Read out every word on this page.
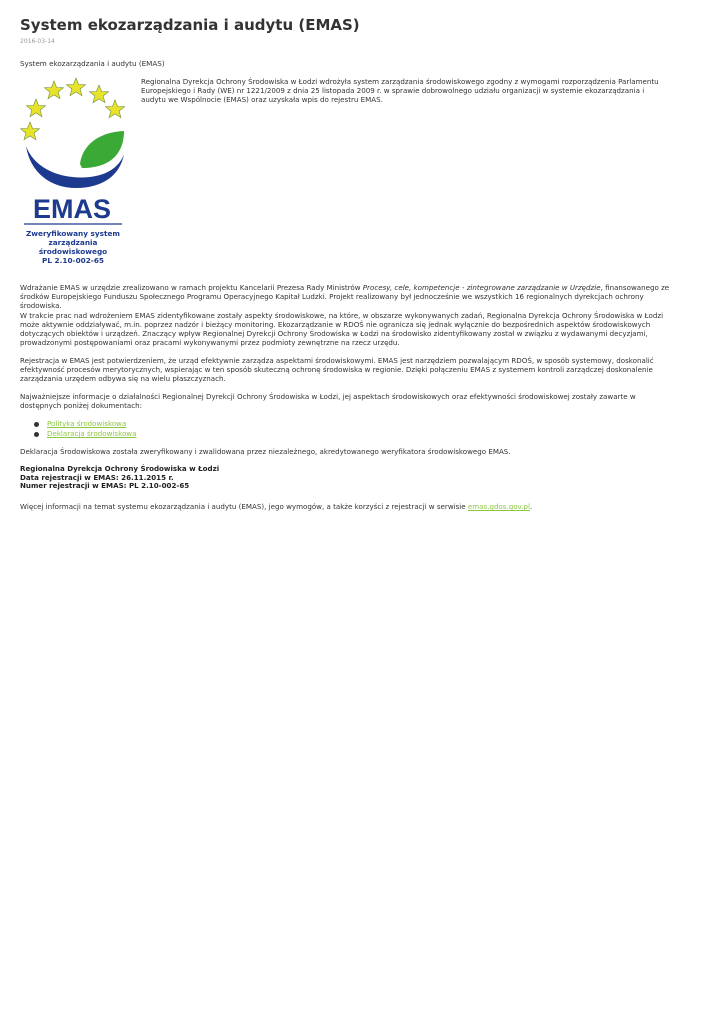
System ekozarządzania i audytu (EMAS)
2016-03-14
System ekozarządzania i audytu (EMAS)
EMAS
Zweryfikowany system
zarządzania
środowiskowego
PL 2.10-002-65

Regionalna Dyrekcja Ochrony Środowiska w Łodzi wdrożyła system zarządzania środowiskowego zgodny z wymogami rozporządzenia Parlamentu Europejskiego i Rady (WE) nr 1221/2009 z dnia 25 listopada 2009 r. w sprawie dobrowolnego udziału organizacji w systemie ekozarządzania i audytu we Wspólnocie (EMAS) oraz uzyskała wpis do rejestru EMAS.

Wdrażanie EMAS w urzędzie zrealizowano w ramach projektu Kancelarii Prezesa Rady Ministrów Procesy, cele, kompetencje - zintegrowane zarządzanie w Urzędzie, finansowanego ze środków Europejskiego Funduszu Społecznego Programu Operacyjnego Kapitał Ludzki. Projekt realizowany był jednocześnie we wszystkich 16 regionalnych dyrekcjach ochrony środowiska.

W trakcie prac nad wdrożeniem EMAS zidentyfikowane zostały aspekty środowiskowe, na które, w obszarze wykonywanych zadań, Regionalna Dyrekcja Ochrony Środowiska w Łodzi może aktywnie oddziaływać, m.in. poprzez nadzór i bieżący monitoring. Ekozarządzanie w RDOŚ nie ogranicza się jednak wyłącznie do bezpośrednich aspektów środowiskowych dotyczących obiektów i urządzeń. Znaczący wpływ Regionalnej Dyrekcji Ochrony Środowiska w Łodzi na środowisko zidentyfikowany został w związku z wydawanymi decyzjami, prowadzonymi postępowaniami oraz pracami wykonywanymi przez podmioty zewnętrzne na rzecz urzędu.

Rejestracja w EMAS jest potwierdzeniem, że urząd efektywnie zarządza aspektami środowiskowymi. EMAS jest narzędziem pozwalającym RDOŚ, w sposób systemowy, doskonalić efektywność procesów merytorycznych, wspierając w ten sposób skuteczną ochronę środowiska w regionie. Dzięki połączeniu EMAS z systemem kontroli zarządczej doskonalenie zarządzania urzędem odbywa się na wielu płaszczyznach.

Najważniejsze informacje o działalności Regionalnej Dyrekcji Ochrony Środowiska w Łodzi, jej aspektach środowiskowych oraz efektywności środowiskowej zostały zawarte w dostępnych poniżej dokumentach:

Polityka środowiskowa
Deklaracja środowiskowa

Deklaracja Środowiskowa została zweryfikowany i zwalidowana przez niezależnego, akredytowanego weryfikatora środowiskowego EMAS.

Regionalna Dyrekcja Ochrony Środowiska w Łodzi
Data rejestracji w EMAS: 26.11.2015 r.
Numer rejestracji w EMAS: PL 2.10-002-65

Więcej informacji na temat systemu ekozarządzania i audytu (EMAS), jego wymogów, a także korzyści z rejestracji w serwisie emas.gdos.gov.pl.
